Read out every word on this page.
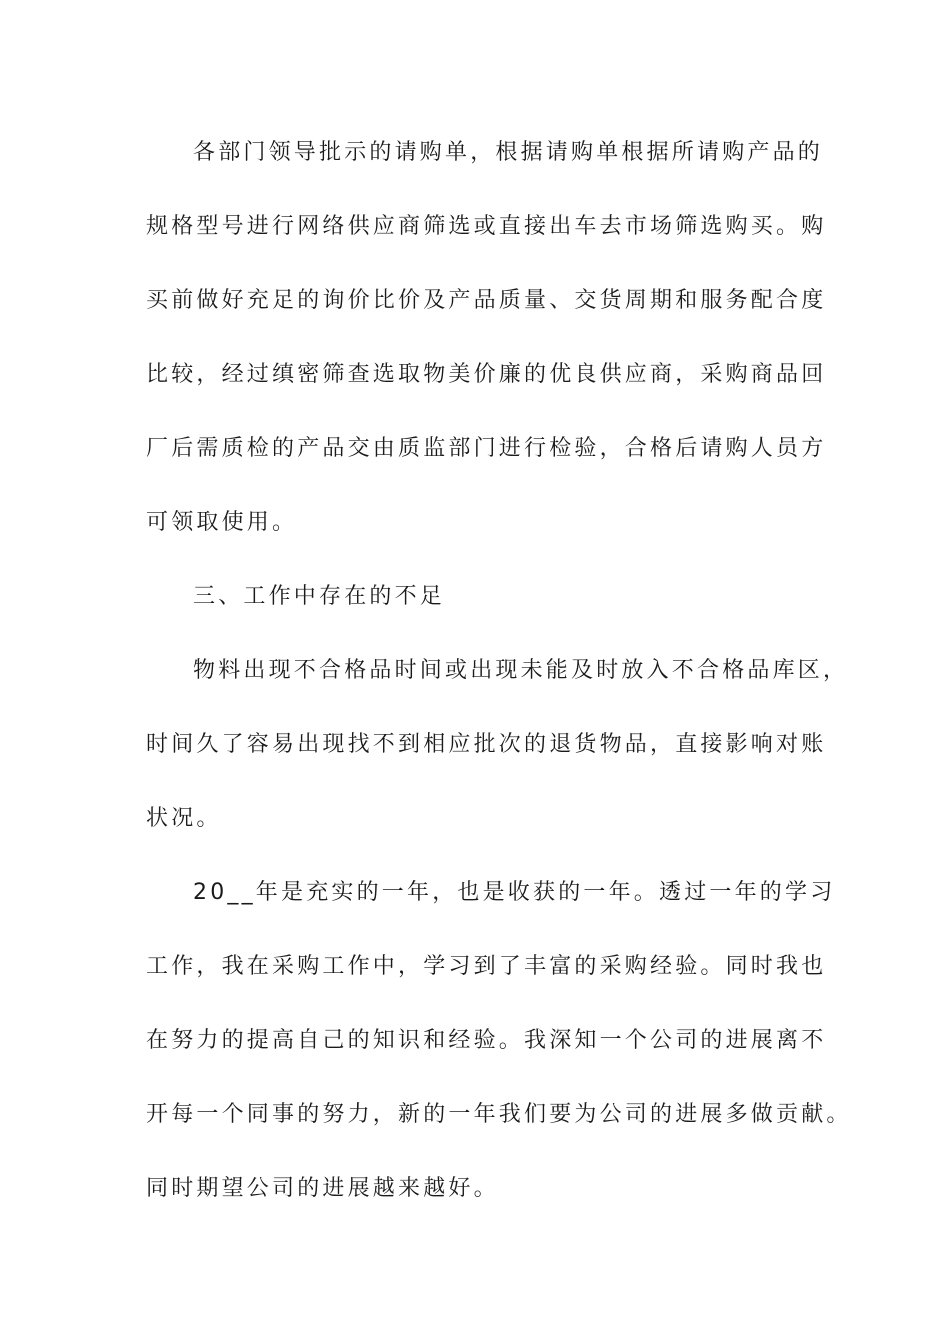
各部门领导批示的请购单，根据请购单根据所请购产品的
规格型号进行网络供应商筛选或直接出车去市场筛选购买。购
买前做好充足的询价比价及产品质量、交货周期和服务配合度
比较，经过缜密筛查选取物美价廉的优良供应商，采购商品回
厂后需质检的产品交由质监部门进行检验，合格后请购人员方
可领取使用。
三、工作中存在的不足
物料出现不合格品时间或出现未能及时放入不合格品库区，
时间久了容易出现找不到相应批次的退货物品，直接影响对账
状况。
20__年是充实的一年，也是收获的一年。透过一年的学习
工作，我在采购工作中，学习到了丰富的采购经验。同时我也
在努力的提高自己的知识和经验。我深知一个公司的进展离不
开每一个同事的努力，新的一年我们要为公司的进展多做贡献。
同时期望公司的进展越来越好。
